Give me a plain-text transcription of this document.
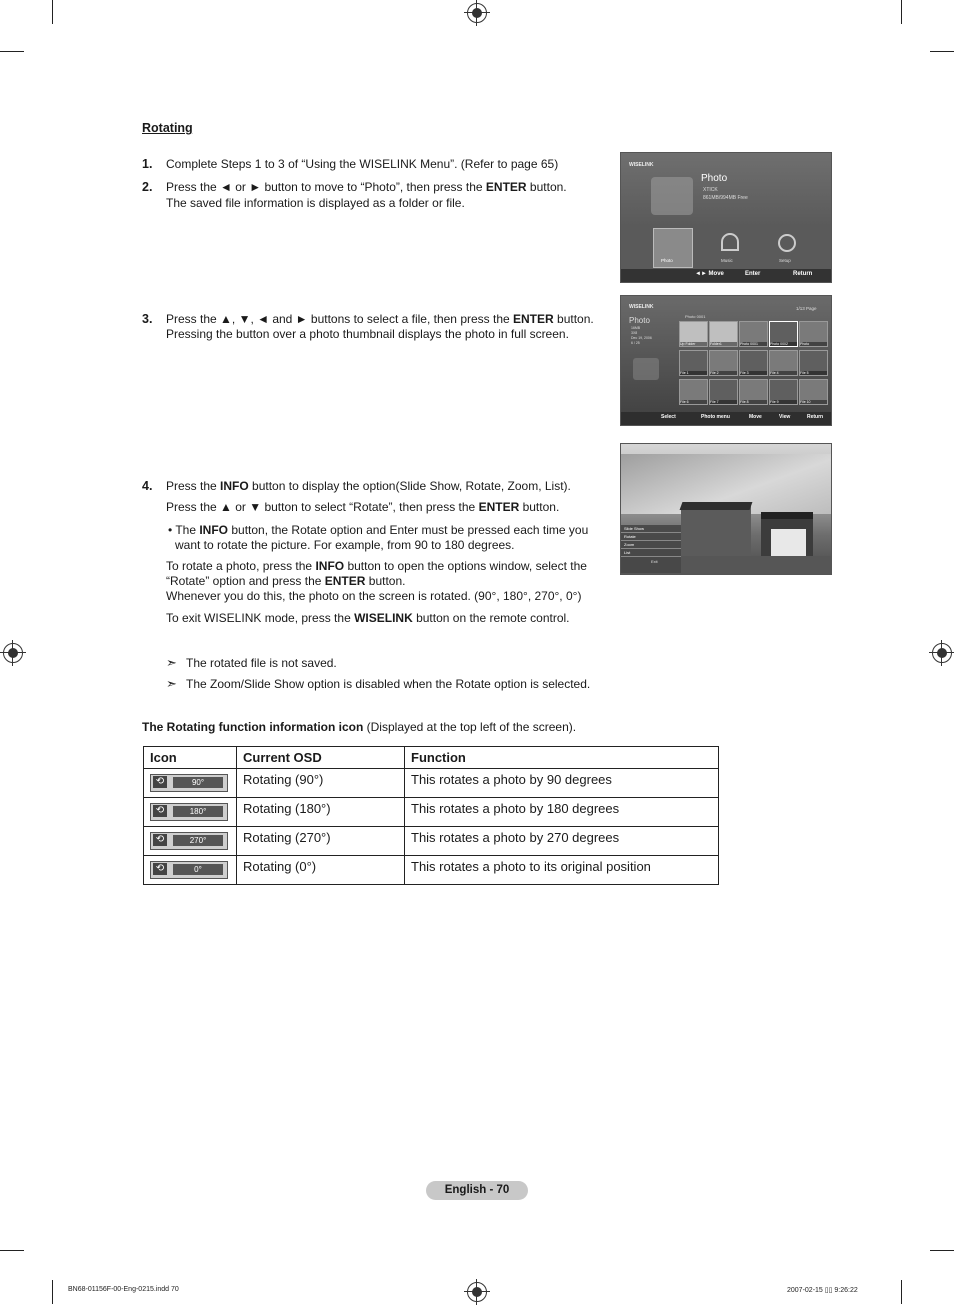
Rotating
1. Complete Steps 1 to 3 of “Using the WISELINK Menu”. (Refer to page 65)
2. Press the ◄ or ► button to move to “Photo”, then press the ENTER button.
The saved file information is displayed as a folder or file.
3. Press the ▲, ▼, ◄ and ► buttons to select a file, then press the ENTER button.
Pressing the button over a photo thumbnail displays the photo in full screen.
4. Press the INFO button to display the option(Slide Show, Rotate, Zoom, List).
Press the ▲ or ▼ button to select “Rotate”, then press the ENTER button.
• The INFO button, the Rotate option and Enter must be pressed each time you
want to rotate the picture. For example, from 90 to 180 degrees.
To rotate a photo, press the INFO button to open the options window, select the
“Rotate” option and press the ENTER button.
Whenever you do this, the photo on the screen is rotated. (90°, 180°, 270°, 0°)
To exit WISELINK mode, press the WISELINK button on the remote control.
➣ The rotated file is not saved.
➣ The Zoom/Slide Show option is disabled when the Rotate option is selected.
The Rotating function information icon (Displayed at the top left of the screen).
Icon	Current OSD	Function

⟲ 90°	Rotating (90°)	This rotates a photo by 90 degrees

⟲ 180°	Rotating (180°)	This rotates a photo by 180 degrees

⟲ 270°	Rotating (270°)	This rotates a photo by 270 degrees

⟲ 0°	Rotating (0°)	This rotates a photo to its original position
WISELINK
Photo
XTICK
861MB/994MB Free
Photo	Music	Setup
◄► Move	Enter	Return
WISELINK	1/13 Page
Photo
16MB
3X8
Dec 19, 2006
6 / 25
Photo 0001
Up Folder	Folder1	Photo 0001	Photo 0002	Photo
File 1	File 2	File 3	File 4	File 5
File 6	File 7	File 8	File 9	File 10
Select	Photo menu	Move	View	Return
Slide Show
Rotate
Zoom
List
Exit
English - 70
BN68-01156F-00-Eng-0215.indd 70	2007-02-15 ▯▯ 9:26:22
